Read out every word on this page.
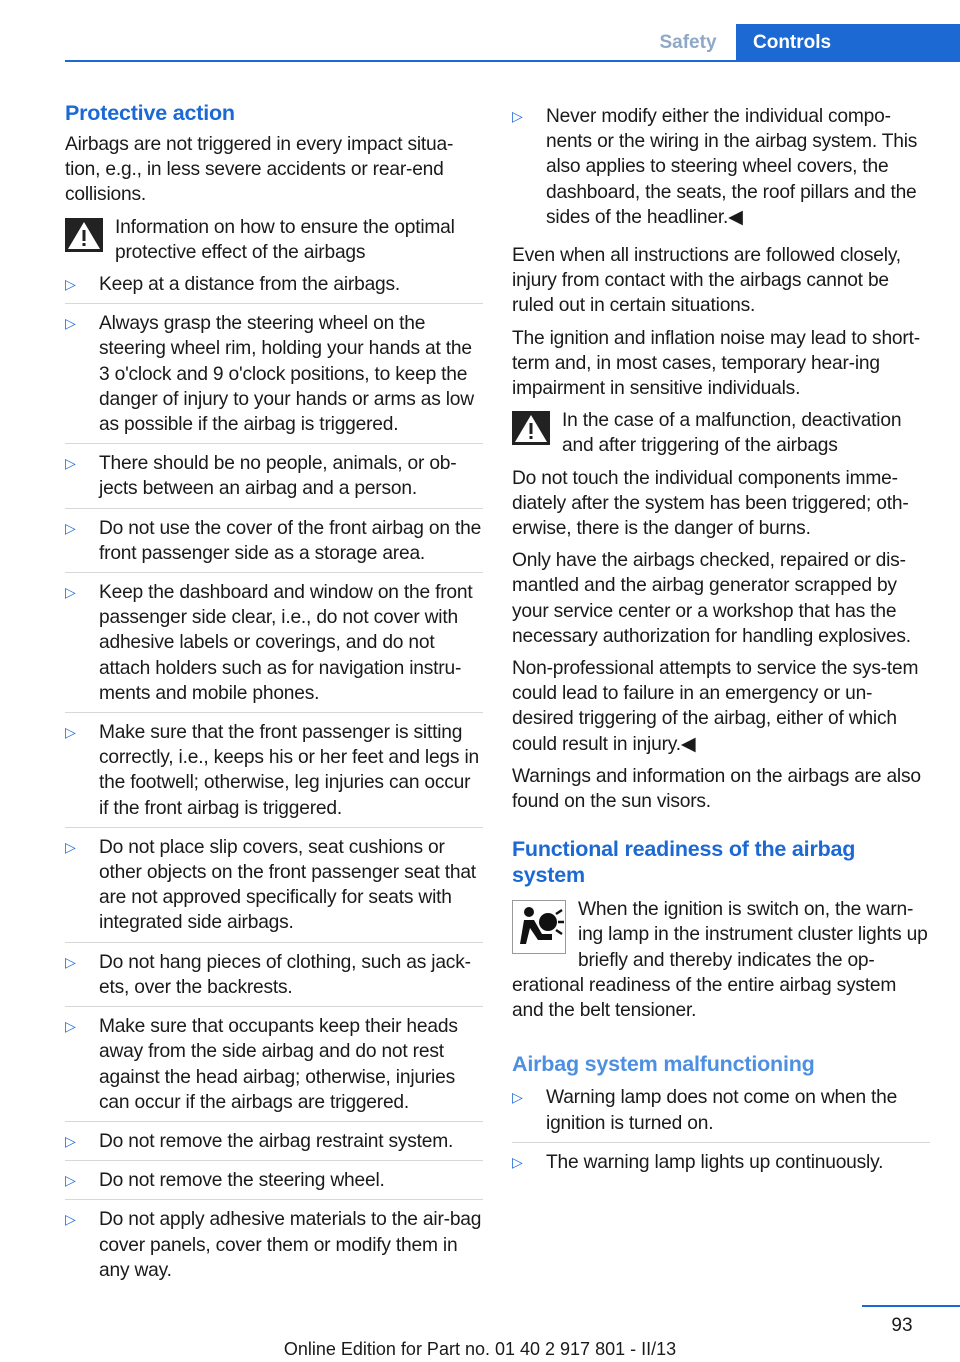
Safety	Controls
Protective action

Airbags are not triggered in every impact situa-tion, e.g., in less severe accidents or rear-end collisions.

Information on how to ensure the optimal protective effect of the airbags
▷ Keep at a distance from the airbags.
▷ Always grasp the steering wheel on the steering wheel rim, holding your hands at the 3 o'clock and 9 o'clock positions, to keep the danger of injury to your hands or arms as low as possible if the airbag is triggered.
▷ There should be no people, animals, or ob-jects between an airbag and a person.
▷ Do not use the cover of the front airbag on the front passenger side as a storage area.
▷ Keep the dashboard and window on the front passenger side clear, i.e., do not cover with adhesive labels or coverings, and do not attach holders such as for navigation instru-ments and mobile phones.
▷ Make sure that the front passenger is sitting correctly, i.e., keeps his or her feet and legs in the footwell; otherwise, leg injuries can occur if the front airbag is triggered.
▷ Do not place slip covers, seat cushions or other objects on the front passenger seat that are not approved specifically for seats with integrated side airbags.
▷ Do not hang pieces of clothing, such as jack-ets, over the backrests.
▷ Make sure that occupants keep their heads away from the side airbag and do not rest against the head airbag; otherwise, injuries can occur if the airbags are triggered.
▷ Do not remove the airbag restraint system.
▷ Do not remove the steering wheel.
▷ Do not apply adhesive materials to the air-bag cover panels, cover them or modify them in any way.
▷ Never modify either the individual compo-nents or the wiring in the airbag system. This also applies to steering wheel covers, the dashboard, the seats, the roof pillars and the sides of the headliner.◀

Even when all instructions are followed closely, injury from contact with the airbags cannot be ruled out in certain situations.

The ignition and inflation noise may lead to short-term and, in most cases, temporary hear-ing impairment in sensitive individuals.

In the case of a malfunction, deactivation and after triggering of the airbags

Do not touch the individual components imme-diately after the system has been triggered; oth-erwise, there is the danger of burns.

Only have the airbags checked, repaired or dis-mantled and the airbag generator scrapped by your service center or a workshop that has the necessary authorization for handling explosives.

Non-professional attempts to service the sys-tem could lead to failure in an emergency or un-desired triggering of the airbag, either of which could result in injury.◀

Warnings and information on the airbags are also found on the sun visors.

Functional readiness of the airbag system
When the ignition is switch on, the warn-ing lamp in the instrument cluster lights up briefly and thereby indicates the op-

erational readiness of the entire airbag system and the belt tensioner.

Airbag system malfunctioning
▷ Warning lamp does not come on when the ignition is turned on.
▷ The warning lamp lights up continuously.
93
Online Edition for Part no. 01 40 2 917 801 - II/13
